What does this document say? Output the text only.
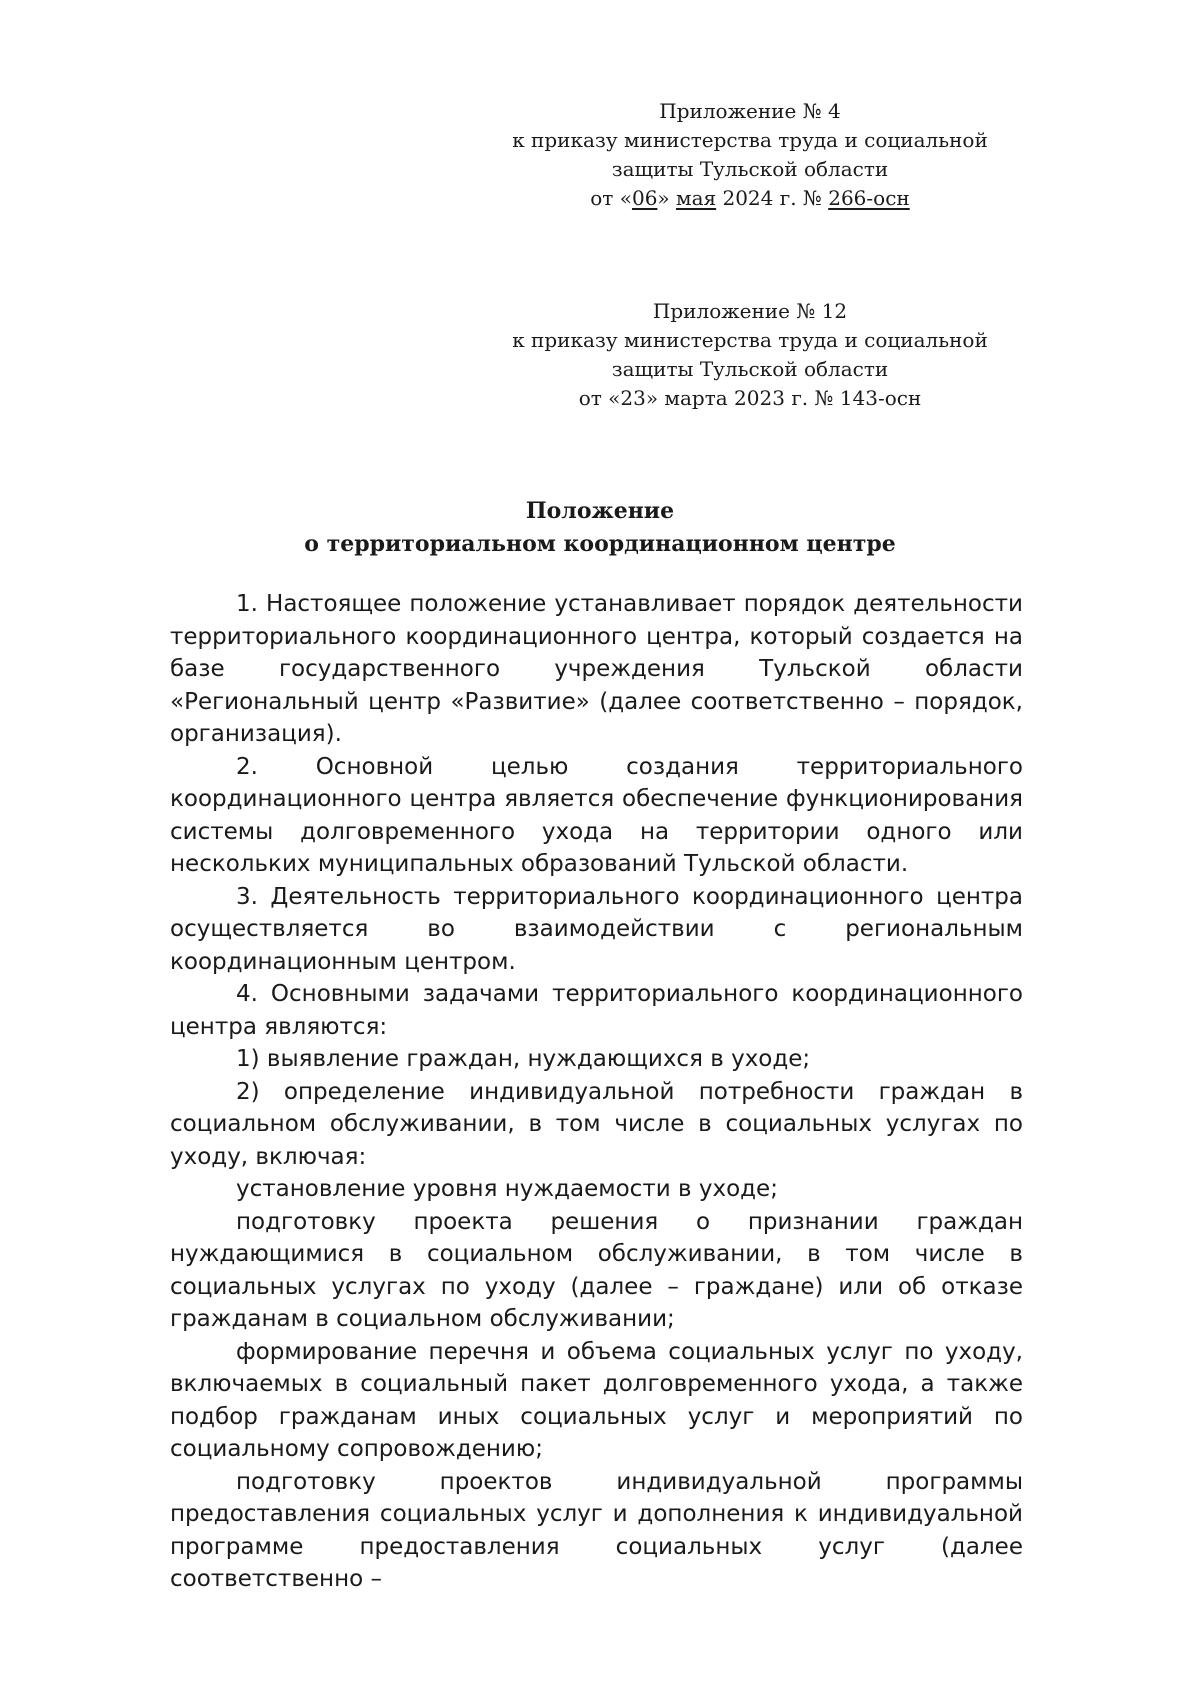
Приложение № 4
к приказу министерства труда и социальной
защиты Тульской области
от «06» мая 2024 г. № 266-осн
Приложение № 12
к приказу министерства труда и социальной
защиты Тульской области
от «23» марта 2023 г. № 143-осн
Положение
о территориальном координационном центре

1. Настоящее положение устанавливает порядок деятельности территориального координационного центра, который создается на базе государственного учреждения Тульской области «Региональный центр «Развитие» (далее соответственно – порядок, организация).

2. Основной целью создания территориального координационного центра является обеспечение функционирования системы долговременного ухода на территории одного или нескольких муниципальных образований Тульской области.

3. Деятельность территориального координационного центра осуществляется во взаимодействии с региональным координационным центром.

4. Основными задачами территориального координационного центра являются:

1) выявление граждан, нуждающихся в уходе;

2) определение индивидуальной потребности граждан в социальном обслуживании, в том числе в социальных услугах по уходу, включая:

установление уровня нуждаемости в уходе;

подготовку проекта решения о признании граждан нуждающимися в социальном обслуживании, в том числе в социальных услугах по уходу (далее – граждане) или об отказе гражданам в социальном обслуживании;

формирование перечня и объема социальных услуг по уходу, включаемых в социальный пакет долговременного ухода, а также подбор гражданам иных социальных услуг и мероприятий по социальному сопровождению;

подготовку проектов индивидуальной программы предоставления социальных услуг и дополнения к индивидуальной программе предоставления социальных услуг (далее соответственно –
